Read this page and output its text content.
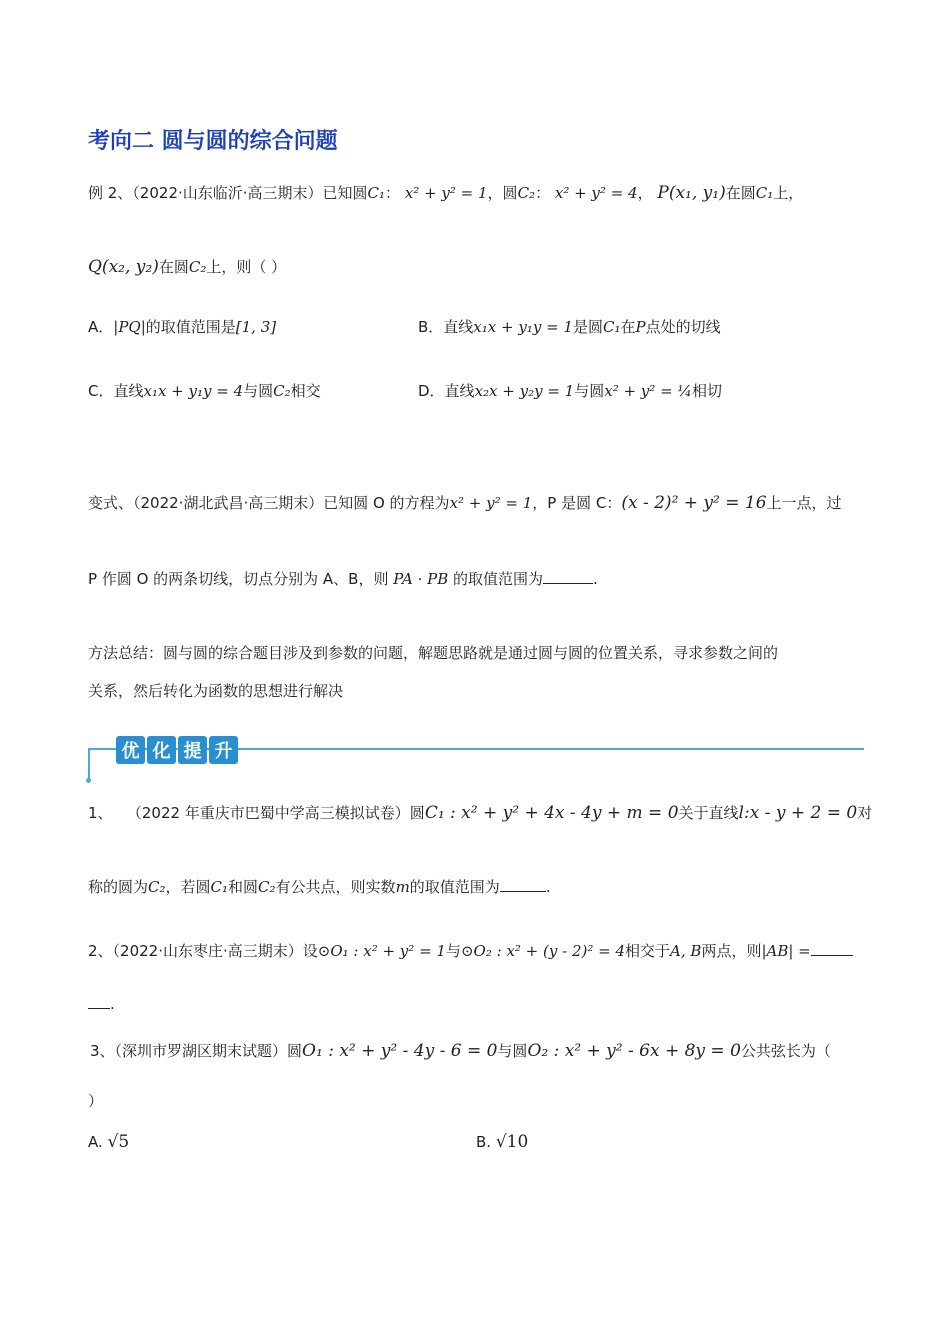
考向二 圆与圆的综合问题
例 2、（2022·山东临沂·高三期末）已知圆C₁： x² + y² = 1，圆C₂： x² + y² = 4， P(x₁, y₁)在圆C₁上，
Q(x₂, y₂)在圆C₂上，则（ ）
A．|PQ|的取值范围是[1, 3]	B．直线x₁x + y₁y = 1是圆C₁在P点处的切线
C．直线x₁x + y₁y = 4与圆C₂相交	D．直线x₂x + y₂y = 1与圆x² + y² = ¼相切
变式、（2022·湖北武昌·高三期末）已知圆 O 的方程为x² + y² = 1，P 是圆 C：(x - 2)² + y² = 16上一点，过
P 作圆 O 的两条切线，切点分别为 A、B，则 PA · PB 的取值范围为	.
方法总结：圆与圆的综合题目涉及到参数的问题，解题思路就是通过圆与圆的位置关系，寻求参数之间的
关系，然后转化为函数的思想进行解决
优 化 提 升
1、 （2022 年重庆市巴蜀中学高三模拟试卷）圆C₁ : x² + y² + 4x - 4y + m = 0关于直线l:x - y + 2 = 0对
称的圆为C₂，若圆C₁和圆C₂有公共点，则实数m的取值范围为	.
2、（2022·山东枣庄·高三期末）设⊙O₁ : x² + y² = 1与⊙O₂ : x² + (y - 2)² = 4相交于A, B两点，则|AB| =
.
3、（深圳市罗湖区期末试题）圆O₁ : x² + y² - 4y - 6 = 0与圆O₂ : x² + y² - 6x + 8y = 0公共弦长为（
）
A. √5	B. √10
